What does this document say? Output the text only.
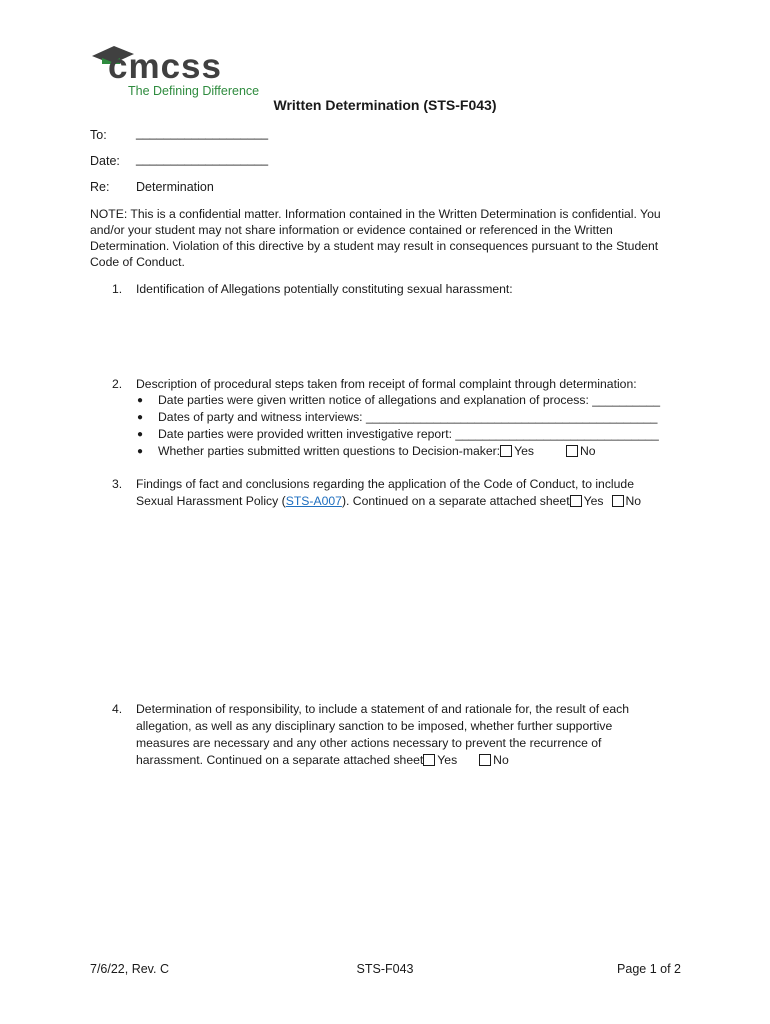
cmcss
The Defining Difference
Written Determination (STS-F043)
To: ___________________
Date: ___________________
Re: Determination
NOTE: This is a confidential matter. Information contained in the Written Determination is confidential. You and/or your student may not share information or evidence contained or referenced in the Written Determination. Violation of this directive by a student may result in consequences pursuant to the Student Code of Conduct.
1. Identification of Allegations potentially constituting sexual harassment:
2. Description of procedural steps taken from receipt of formal complaint through determination:
● Date parties were given written notice of allegations and explanation of process: __________
● Dates of party and witness interviews: ___________________________________________
● Date parties were provided written investigative report: ______________________________
● Whether parties submitted written questions to Decision-maker: Yes	No
3. Findings of fact and conclusions regarding the application of the Code of Conduct, to include
Sexual Harassment Policy (STS-A007). Continued on a separate attached sheet Yes No
4. Determination of responsibility, to include a statement of and rationale for, the result of each
allegation, as well as any disciplinary sanction to be imposed, whether further supportive
measures are necessary and any other actions necessary to prevent the recurrence of
harassment. Continued on a separate attached sheet Yes	No
7/6/22, Rev. C	STS-F043	Page 1 of 2
